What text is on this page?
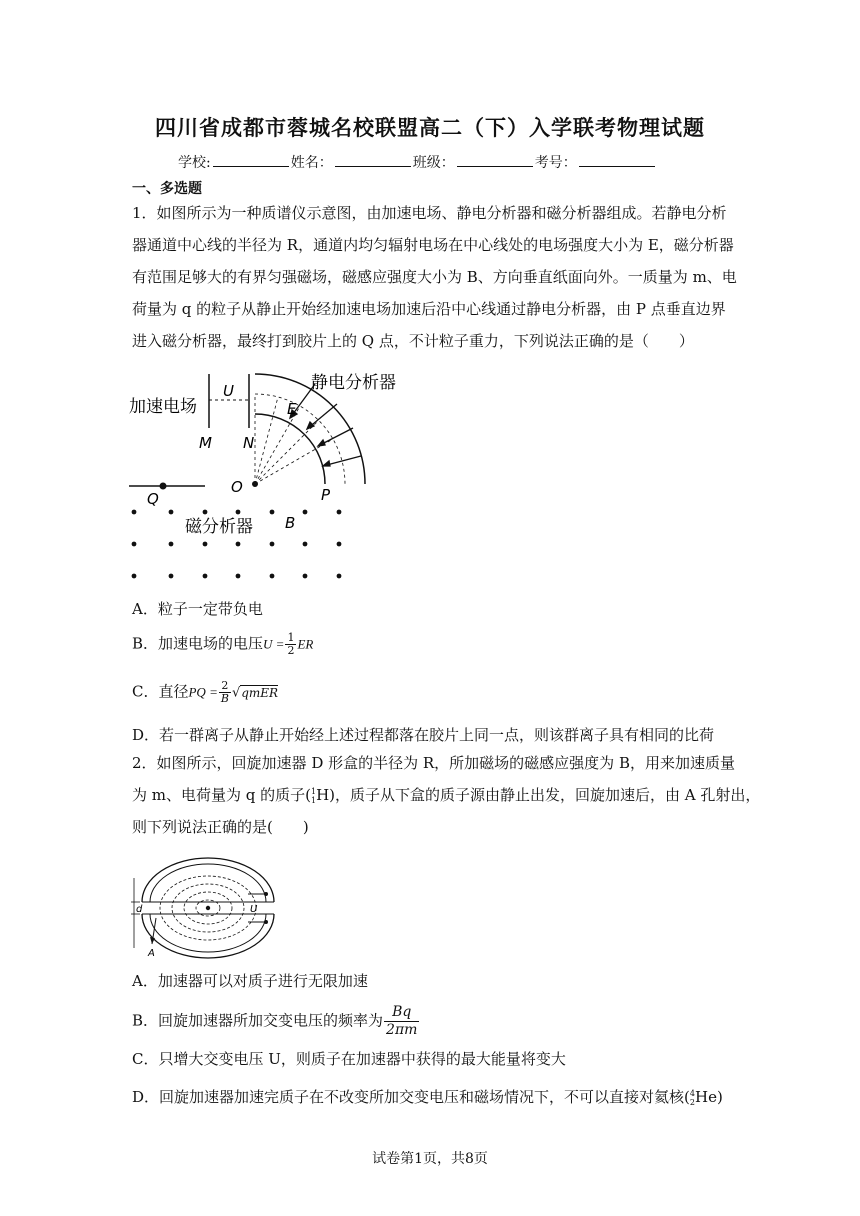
四川省成都市蓉城名校联盟高二（下）入学联考物理试题
学校:	姓名：	班级：	考号：
一、多选题
1．如图所示为一种质谱仪示意图，由加速电场、静电分析器和磁分析器组成。若静电分析
器通道中心线的半径为 R，通道内均匀辐射电场在中心线处的电场强度大小为 E，磁分析器
有范围足够大的有界匀强磁场，磁感应强度大小为 B、方向垂直纸面向外。一质量为 m、电
荷量为 q 的粒子从静止开始经加速电场加速后沿中心线通过静电分析器，由 P 点垂直边界
进入磁分析器，最终打到胶片上的 Q 点，不计粒子重力，下列说法正确的是（　　）
加速电场
U
M N
静电分析器
E
O	P
Q
磁分析器 B
A．粒子一定带负电
B．加速电场的电压$U = \frac{1}{2}$ ER
C．直径PQ = $\frac{2}{B}$ √qmER
D．若一群离子从静止开始经上述过程都落在胶片上同一点，则该群离子具有相同的比荷
2．如图所示，回旋加速器 D 形盒的半径为 R，所加磁场的磁感应强度为 B，用来加速质量
为 m、电荷量为 q 的质子( 1
1 H)，质子从下盒的质子源由静止出发，回旋加速后，由 A 孔射出，
则下列说法正确的是(　　)
d	U
A
A．加速器可以对质子进行无限加速
B．回旋加速器所加交变电压的频率为 $\frac{Bq}{2\pi m}$
C．只增大交变电压 U，则质子在加速器中获得的最大能量将变大
D．回旋加速器加速完质子在不改变所加交变电压和磁场情况下，不可以直接对氦核( 4
2 He)
试卷第1页，共8页
